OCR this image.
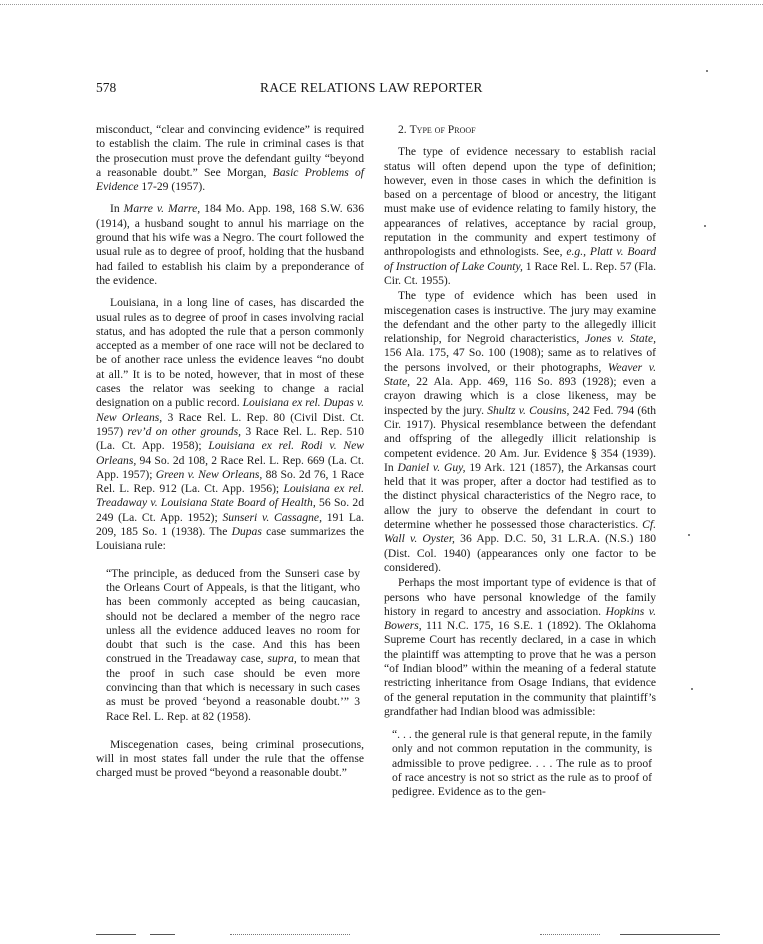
578	RACE RELATIONS LAW REPORTER

misconduct, “clear and convincing evidence” is required to establish the claim. The rule in criminal cases is that the prosecution must prove the defendant guilty “beyond a reasonable doubt.” See Morgan, Basic Problems of Evidence 17-29 (1957).

In Marre v. Marre, 184 Mo. App. 198, 168 S.W. 636 (1914), a husband sought to annul his marriage on the ground that his wife was a Negro. The court followed the usual rule as to degree of proof, holding that the husband had failed to establish his claim by a preponderance of the evidence.

Louisiana, in a long line of cases, has discarded the usual rules as to degree of proof in cases involving racial status, and has adopted the rule that a person commonly accepted as a member of one race will not be declared to be of another race unless the evidence leaves “no doubt at all.” It is to be noted, however, that in most of these cases the relator was seeking to change a racial designation on a public record. Louisiana ex rel. Dupas v. New Orleans, 3 Race Rel. L. Rep. 80 (Civil Dist. Ct. 1957) rev’d on other grounds, 3 Race Rel. L. Rep. 510 (La. Ct. App. 1958); Louisiana ex rel. Rodi v. New Orleans, 94 So. 2d 108, 2 Race Rel. L. Rep. 669 (La. Ct. App. 1957); Green v. New Orleans, 88 So. 2d 76, 1 Race Rel. L. Rep. 912 (La. Ct. App. 1956); Louisiana ex rel. Treadaway v. Louisiana State Board of Health, 56 So. 2d 249 (La. Ct. App. 1952); Sunseri v. Cassagne, 191 La. 209, 185 So. 1 (1938). The Dupas case summarizes the Louisiana rule:

“The principle, as deduced from the Sunseri case by the Orleans Court of Appeals, is that the litigant, who has been commonly accepted as being caucasian, should not be declared a member of the negro race unless all the evidence adduced leaves no room for doubt that such is the case. And this has been construed in the Treadaway case, supra, to mean that the proof in such case should be even more convincing than that which is necessary in such cases as must be proved ‘beyond a reasonable doubt.’” 3 Race Rel. L. Rep. at 82 (1958).

Miscegenation cases, being criminal prosecutions, will in most states fall under the rule that the offense charged must be proved “beyond a reasonable doubt.”

2. Type of Proof

The type of evidence necessary to establish racial status will often depend upon the type of definition; however, even in those cases in which the definition is based on a percentage of blood or ancestry, the litigant must make use of evidence relating to family history, the appearances of relatives, acceptance by racial group, reputation in the community and expert testimony of anthropologists and ethnologists. See, e.g., Platt v. Board of Instruction of Lake County, 1 Race Rel. L. Rep. 57 (Fla. Cir. Ct. 1955).

The type of evidence which has been used in miscegenation cases is instructive. The jury may examine the defendant and the other party to the allegedly illicit relationship, for Negroid characteristics, Jones v. State, 156 Ala. 175, 47 So. 100 (1908); same as to relatives of the persons involved, or their photographs, Weaver v. State, 22 Ala. App. 469, 116 So. 893 (1928); even a crayon drawing which is a close likeness, may be inspected by the jury. Shultz v. Cousins, 242 Fed. 794 (6th Cir. 1917). Physical resemblance between the defendant and offspring of the allegedly illicit relationship is competent evidence. 20 Am. Jur. Evidence § 354 (1939). In Daniel v. Guy, 19 Ark. 121 (1857), the Arkansas court held that it was proper, after a doctor had testified as to the distinct physical characteristics of the Negro race, to allow the jury to observe the defendant in court to determine whether he possessed those characteristics. Cf. Wall v. Oyster, 36 App. D.C. 50, 31 L.R.A. (N.S.) 180 (Dist. Col. 1940) (appearances only one factor to be considered).

Perhaps the most important type of evidence is that of persons who have personal knowledge of the family history in regard to ancestry and association. Hopkins v. Bowers, 111 N.C. 175, 16 S.E. 1 (1892). The Oklahoma Supreme Court has recently declared, in a case in which the plaintiff was attempting to prove that he was a person “of Indian blood” within the meaning of a federal statute restricting inheritance from Osage Indians, that evidence of the general reputation in the community that plaintiff’s grandfather had Indian blood was admissible:

“. . . the general rule is that general repute, in the family only and not common reputation in the community, is admissible to prove pedigree. . . . The rule as to proof of race ancestry is not so strict as the rule as to proof of pedigree. Evidence as to the gen-
